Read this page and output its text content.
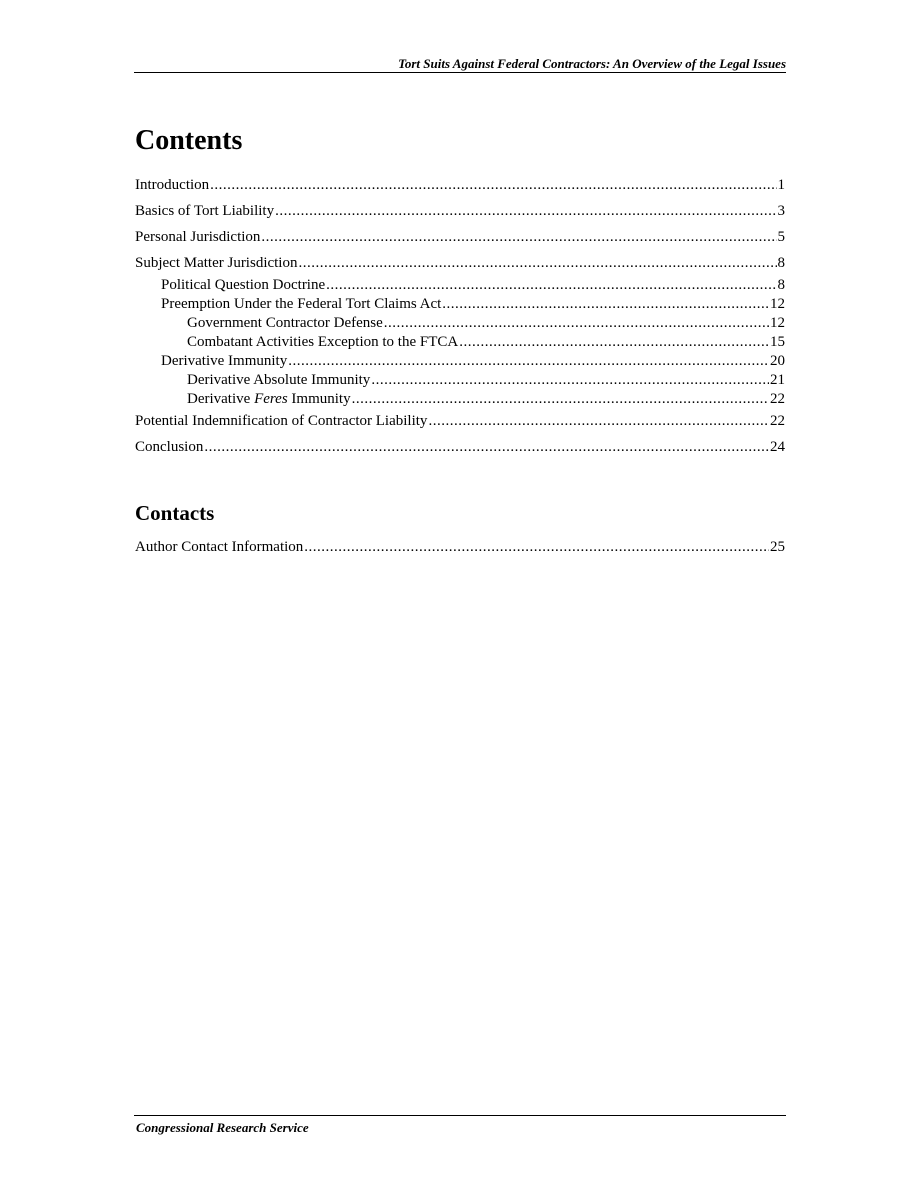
Tort Suits Against Federal Contractors: An Overview of the Legal Issues
Contents
Introduction .....	1
Basics of Tort Liability .....	3
Personal Jurisdiction .....	5
Subject Matter Jurisdiction .....	8
Political Question Doctrine .....	8
Preemption Under the Federal Tort Claims Act .....	12
Government Contractor Defense .....	12
Combatant Activities Exception to the FTCA .....	15
Derivative Immunity .....	20
Derivative Absolute Immunity .....	21
Derivative Feres Immunity .....	22
Potential Indemnification of Contractor Liability .....	22
Conclusion .....	24
Contacts
Author Contact Information .....	25
Congressional Research Service
